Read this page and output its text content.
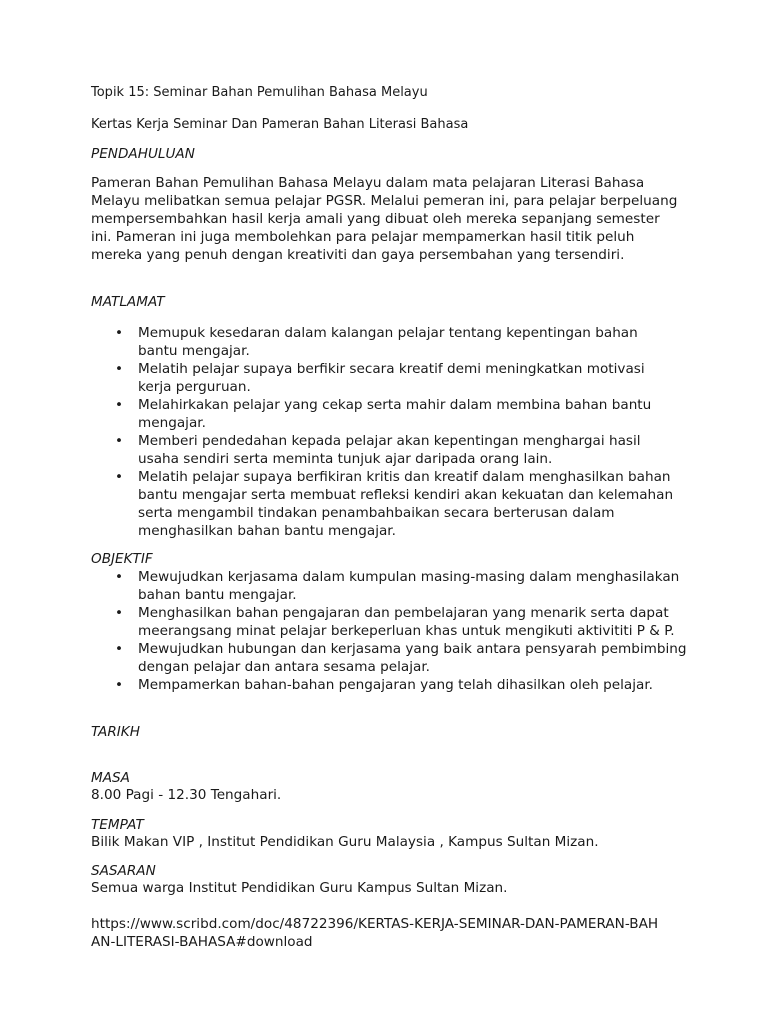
Topik 15: Seminar Bahan Pemulihan Bahasa Melayu

Kertas Kerja Seminar Dan Pameran Bahan Literasi Bahasa

PENDAHULUAN

Pameran Bahan Pemulihan Bahasa Melayu dalam mata pelajaran Literasi Bahasa Melayu melibatkan semua pelajar PGSR. Melalui pemeran ini, para pelajar berpeluang mempersembahkan hasil kerja amali yang dibuat oleh mereka sepanjang semester ini. Pameran ini juga membolehkan para pelajar mempamerkan hasil titik peluh mereka yang penuh dengan kreativiti dan gaya persembahan yang tersendiri.

MATLAMAT

• Memupuk kesedaran dalam kalangan pelajar tentang kepentingan bahan bantu mengajar.
• Melatih pelajar supaya berfikir secara kreatif demi meningkatkan motivasi kerja perguruan.
• Melahirkakan pelajar yang cekap serta mahir dalam membina bahan bantu mengajar.
• Memberi pendedahan kepada pelajar akan kepentingan menghargai hasil usaha sendiri serta meminta tunjuk ajar daripada orang lain.
• Melatih pelajar supaya berfikiran kritis dan kreatif dalam menghasilkan bahan bantu mengajar serta membuat refleksi kendiri akan kekuatan dan kelemahan serta mengambil tindakan penambahbaikan secara berterusan dalam menghasilkan bahan bantu mengajar.

OBJEKTIF

• Mewujudkan kerjasama dalam kumpulan masing-masing dalam menghasilakan bahan bantu mengajar.
• Menghasilkan bahan pengajaran dan pembelajaran yang menarik serta dapat meerangsang minat pelajar berkeperluan khas untuk mengikuti aktivititi P & P.
• Mewujudkan hubungan dan kerjasama yang baik antara pensyarah pembimbing dengan pelajar dan antara sesama pelajar.
• Mempamerkan bahan-bahan pengajaran yang telah dihasilkan oleh pelajar.

TARIKH

MASA

8.00 Pagi - 12.30 Tengahari.

TEMPAT

Bilik Makan VIP , Institut Pendidikan Guru Malaysia , Kampus Sultan Mizan.

SASARAN

Semua warga Institut Pendidikan Guru Kampus Sultan Mizan.

https://www.scribd.com/doc/48722396/KERTAS-KERJA-SEMINAR-DAN-PAMERAN-BAHAN-LITERASI-BAHASA#download
